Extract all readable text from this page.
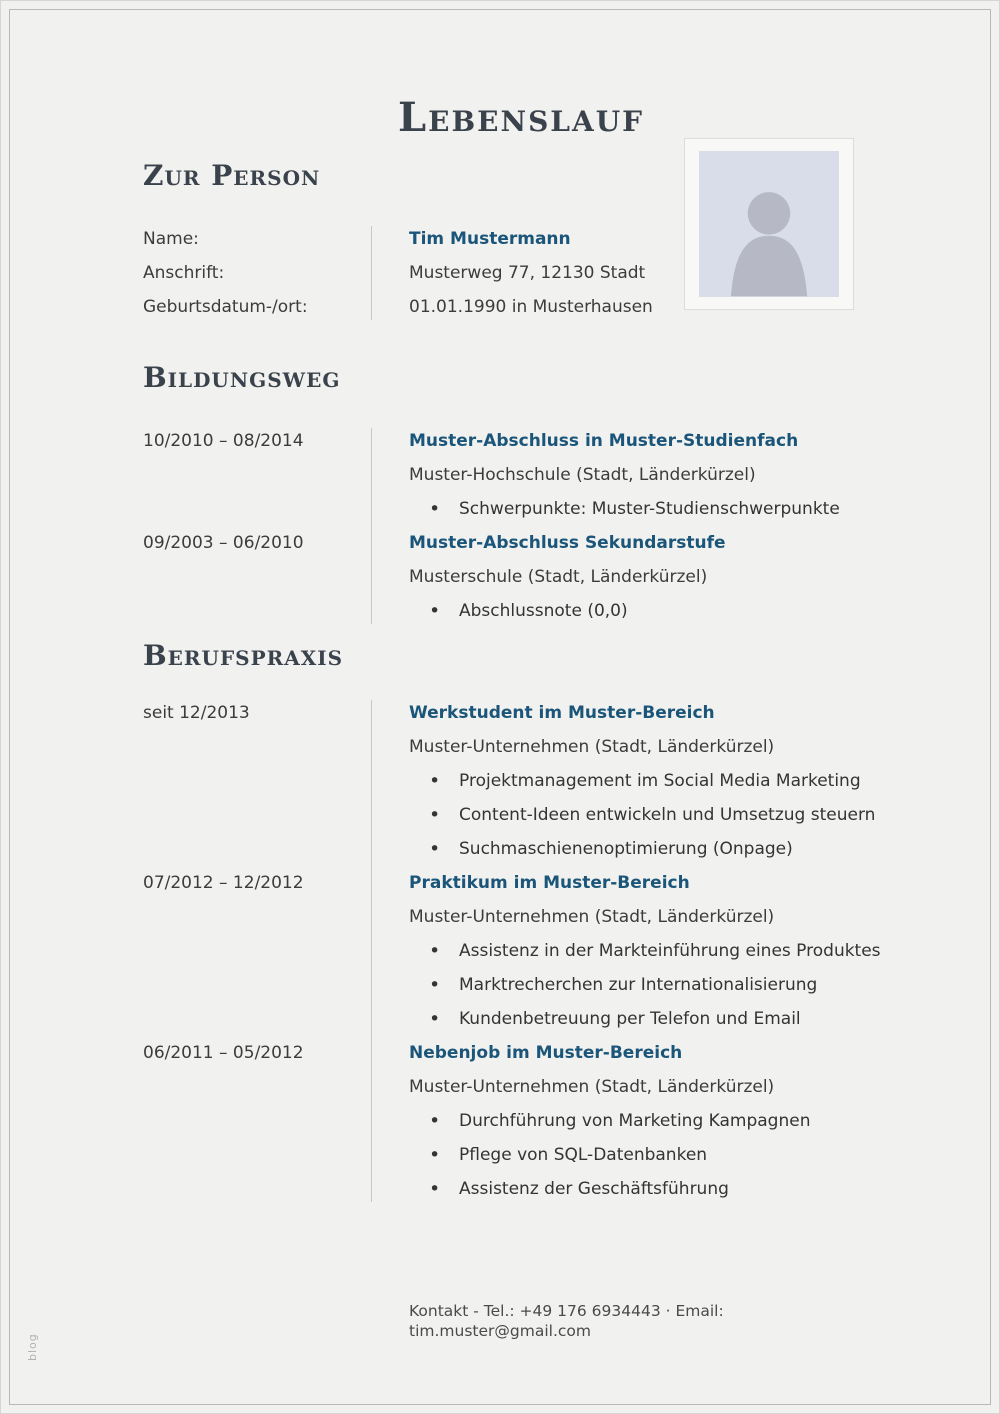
Lebenslauf
Zur Person
Name:	Tim Mustermann
Anschrift:	Musterweg 77, 12130 Stadt
Geburtsdatum-/ort:	01.01.1990 in Musterhausen
Bildungsweg
10/2010 – 08/2014	Muster-Abschluss in Muster-Studienfach
Muster-Hochschule (Stadt, Länderkürzel)
• Schwerpunkte: Muster-Studienschwerpunkte
09/2003 – 06/2010	Muster-Abschluss Sekundarstufe
Musterschule (Stadt, Länderkürzel)
• Abschlussnote (0,0)
Berufspraxis
seit 12/2013	Werkstudent im Muster-Bereich
Muster-Unternehmen (Stadt, Länderkürzel)
• Projektmanagement im Social Media Marketing
• Content-Ideen entwickeln und Umsetzug steuern
• Suchmaschienenoptimierung (Onpage)
07/2012 – 12/2012	Praktikum im Muster-Bereich
Muster-Unternehmen (Stadt, Länderkürzel)
• Assistenz in der Markteinführung eines Produktes
• Marktrecherchen zur Internationalisierung
• Kundenbetreuung per Telefon und Email
06/2011 – 05/2012	Nebenjob im Muster-Bereich
Muster-Unternehmen (Stadt, Länderkürzel)
• Durchführung von Marketing Kampagnen
• Pflege von SQL-Datenbanken
• Assistenz der Geschäftsführung
Kontakt - Tel.: +49 176 6934443 · Email: tim.muster@gmail.com
blog
